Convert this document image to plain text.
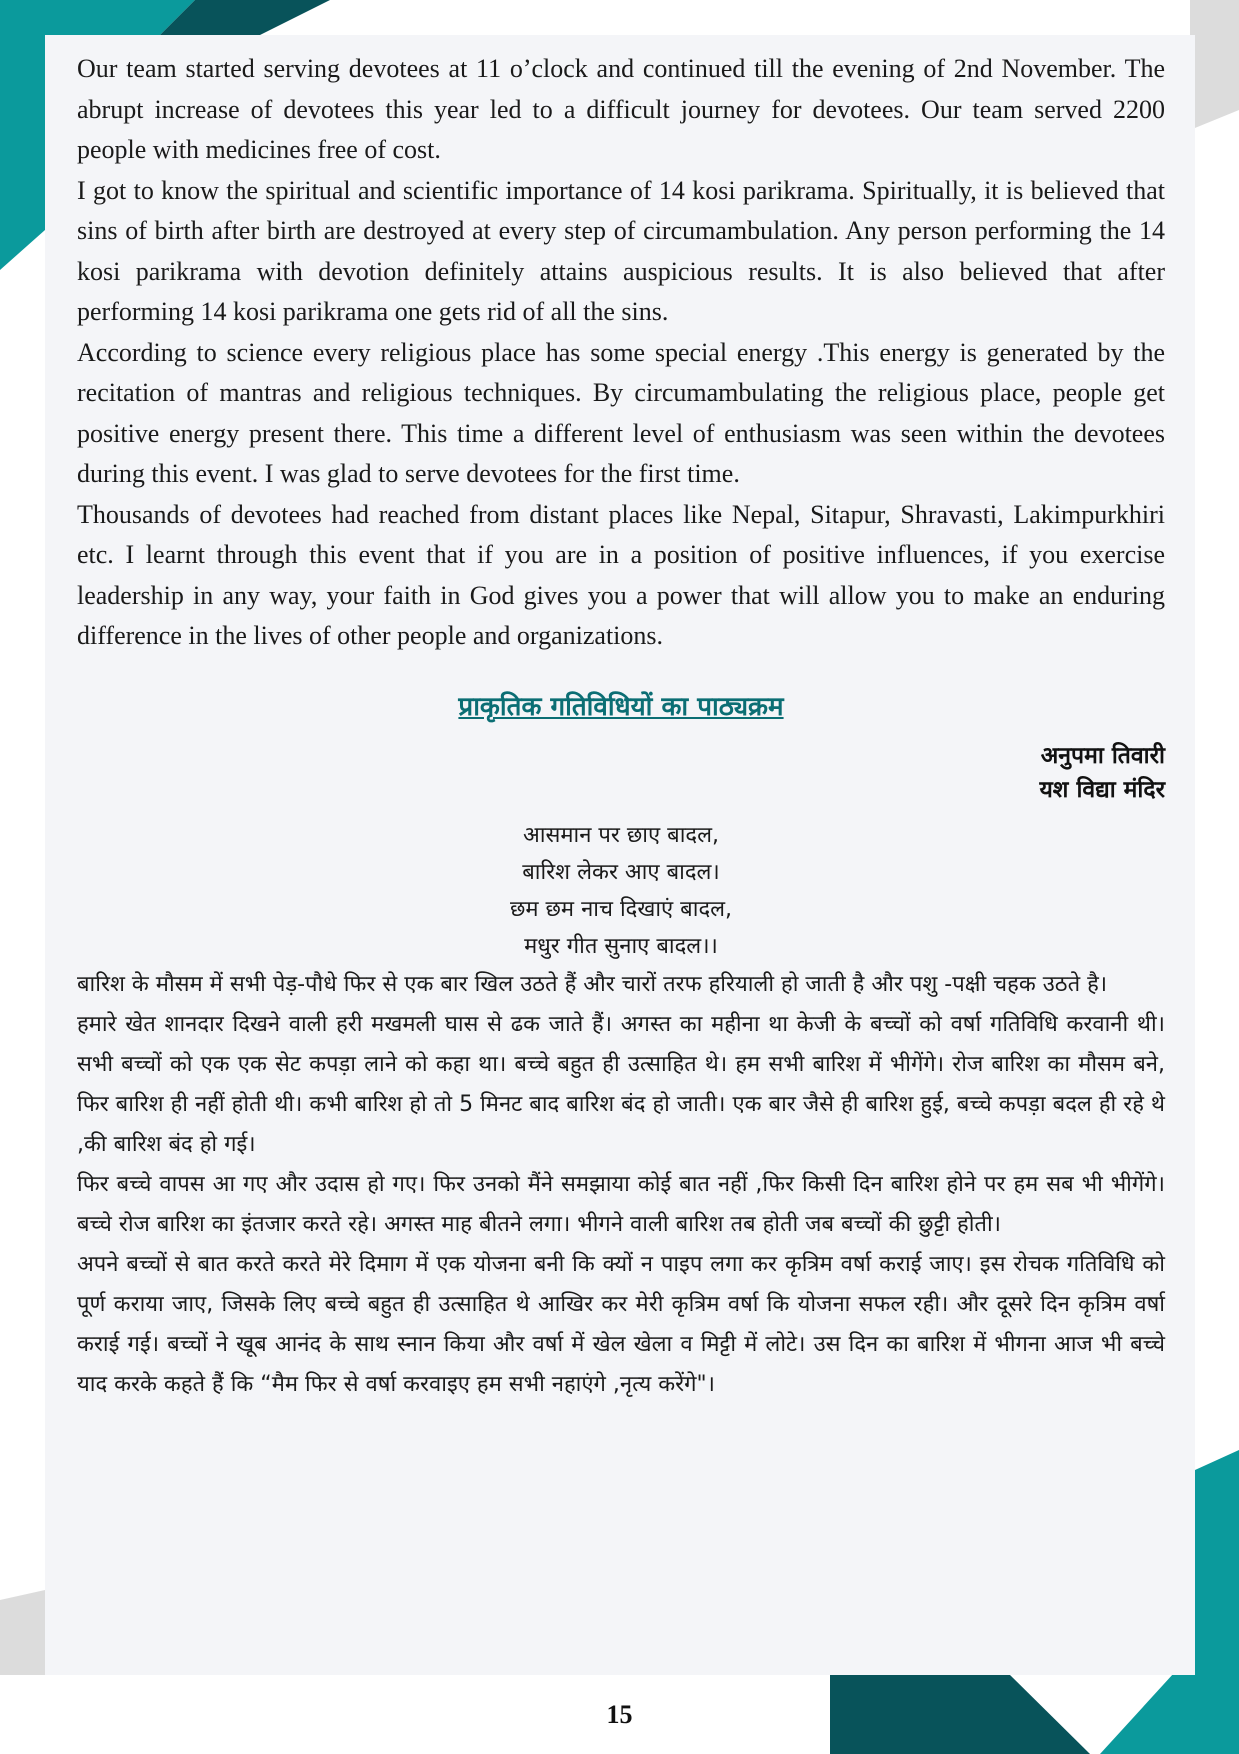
Our team started serving devotees at 11 o’clock and continued till the evening of 2nd November. The abrupt increase of devotees this year led to a difficult journey for devotees. Our team served 2200 people with medicines free of cost.

I got to know the spiritual and scientific importance of 14 kosi parikrama. Spiritually, it is believed that sins of birth after birth are destroyed at every step of circumambulation. Any person performing the 14 kosi parikrama with devotion definitely attains auspicious results. It is also believed that after performing 14 kosi parikrama one gets rid of all the sins.

According to science every religious place has some special energy .This energy is generated by the recitation of mantras and religious techniques. By circumambulating the religious place, people get positive energy present there. This time a different level of enthusiasm was seen within the devotees during this event. I was glad to serve devotees for the first time.

Thousands of devotees had reached from distant places like Nepal, Sitapur, Shravasti, Lakimpurkhiri etc. I learnt through this event that if you are in a position of positive influences, if you exercise leadership in any way, your faith in God gives you a power that will allow you to make an enduring difference in the lives of other people and organizations.

प्राकृतिक गतिविधियों का पाठ्यक्रम
अनुपमा तिवारी
यश विद्या मंदिर
आसमान पर छाए बादल,
बारिश लेकर आए बादल।
छम छम नाच दिखाएं बादल,
मधुर गीत सुनाए बादल।।

बारिश के मौसम में सभी पेड़-पौधे फिर से एक बार खिल उठते हैं और चारों तरफ हरियाली हो जाती है और पशु -पक्षी चहक उठते है।

हमारे खेत शानदार दिखने वाली हरी मखमली घास से ढक जाते हैं। अगस्त का महीना था केजी के बच्चों को वर्षा गतिविधि करवानी थी। सभी बच्चों को एक एक सेट कपड़ा लाने को कहा था। बच्चे बहुत ही उत्साहित थे। हम सभी बारिश में भीगेंगे। रोज बारिश का मौसम बने, फिर बारिश ही नहीं होती थी। कभी बारिश हो तो 5 मिनट बाद बारिश बंद हो जाती। एक बार जैसे ही बारिश हुई, बच्चे कपड़ा बदल ही रहे थे ,की बारिश बंद हो गई।

फिर बच्चे वापस आ गए और उदास हो गए। फिर उनको मैंने समझाया कोई बात नहीं ,फिर किसी दिन बारिश होने पर हम सब भी भीगेंगे। बच्चे रोज बारिश का इंतजार करते रहे। अगस्त माह बीतने लगा। भीगने वाली बारिश तब होती जब बच्चों की छुट्टी होती।

अपने बच्चों से बात करते करते मेरे दिमाग में एक योजना बनी कि क्यों न पाइप लगा कर कृत्रिम वर्षा कराई जाए। इस रोचक गतिविधि को पूर्ण कराया जाए, जिसके लिए बच्चे बहुत ही उत्साहित थे आखिर कर मेरी कृत्रिम वर्षा कि योजना सफल रही। और दूसरे दिन कृत्रिम वर्षा कराई गई। बच्चों ने खूब आनंद के साथ स्नान किया और वर्षा में खेल खेला व मिट्टी में लोटे। उस दिन का बारिश में भीगना आज भी बच्चे याद करके कहते हैं कि “मैम फिर से वर्षा करवाइए हम सभी नहाएंगे ,नृत्य करेंगे"।

15
